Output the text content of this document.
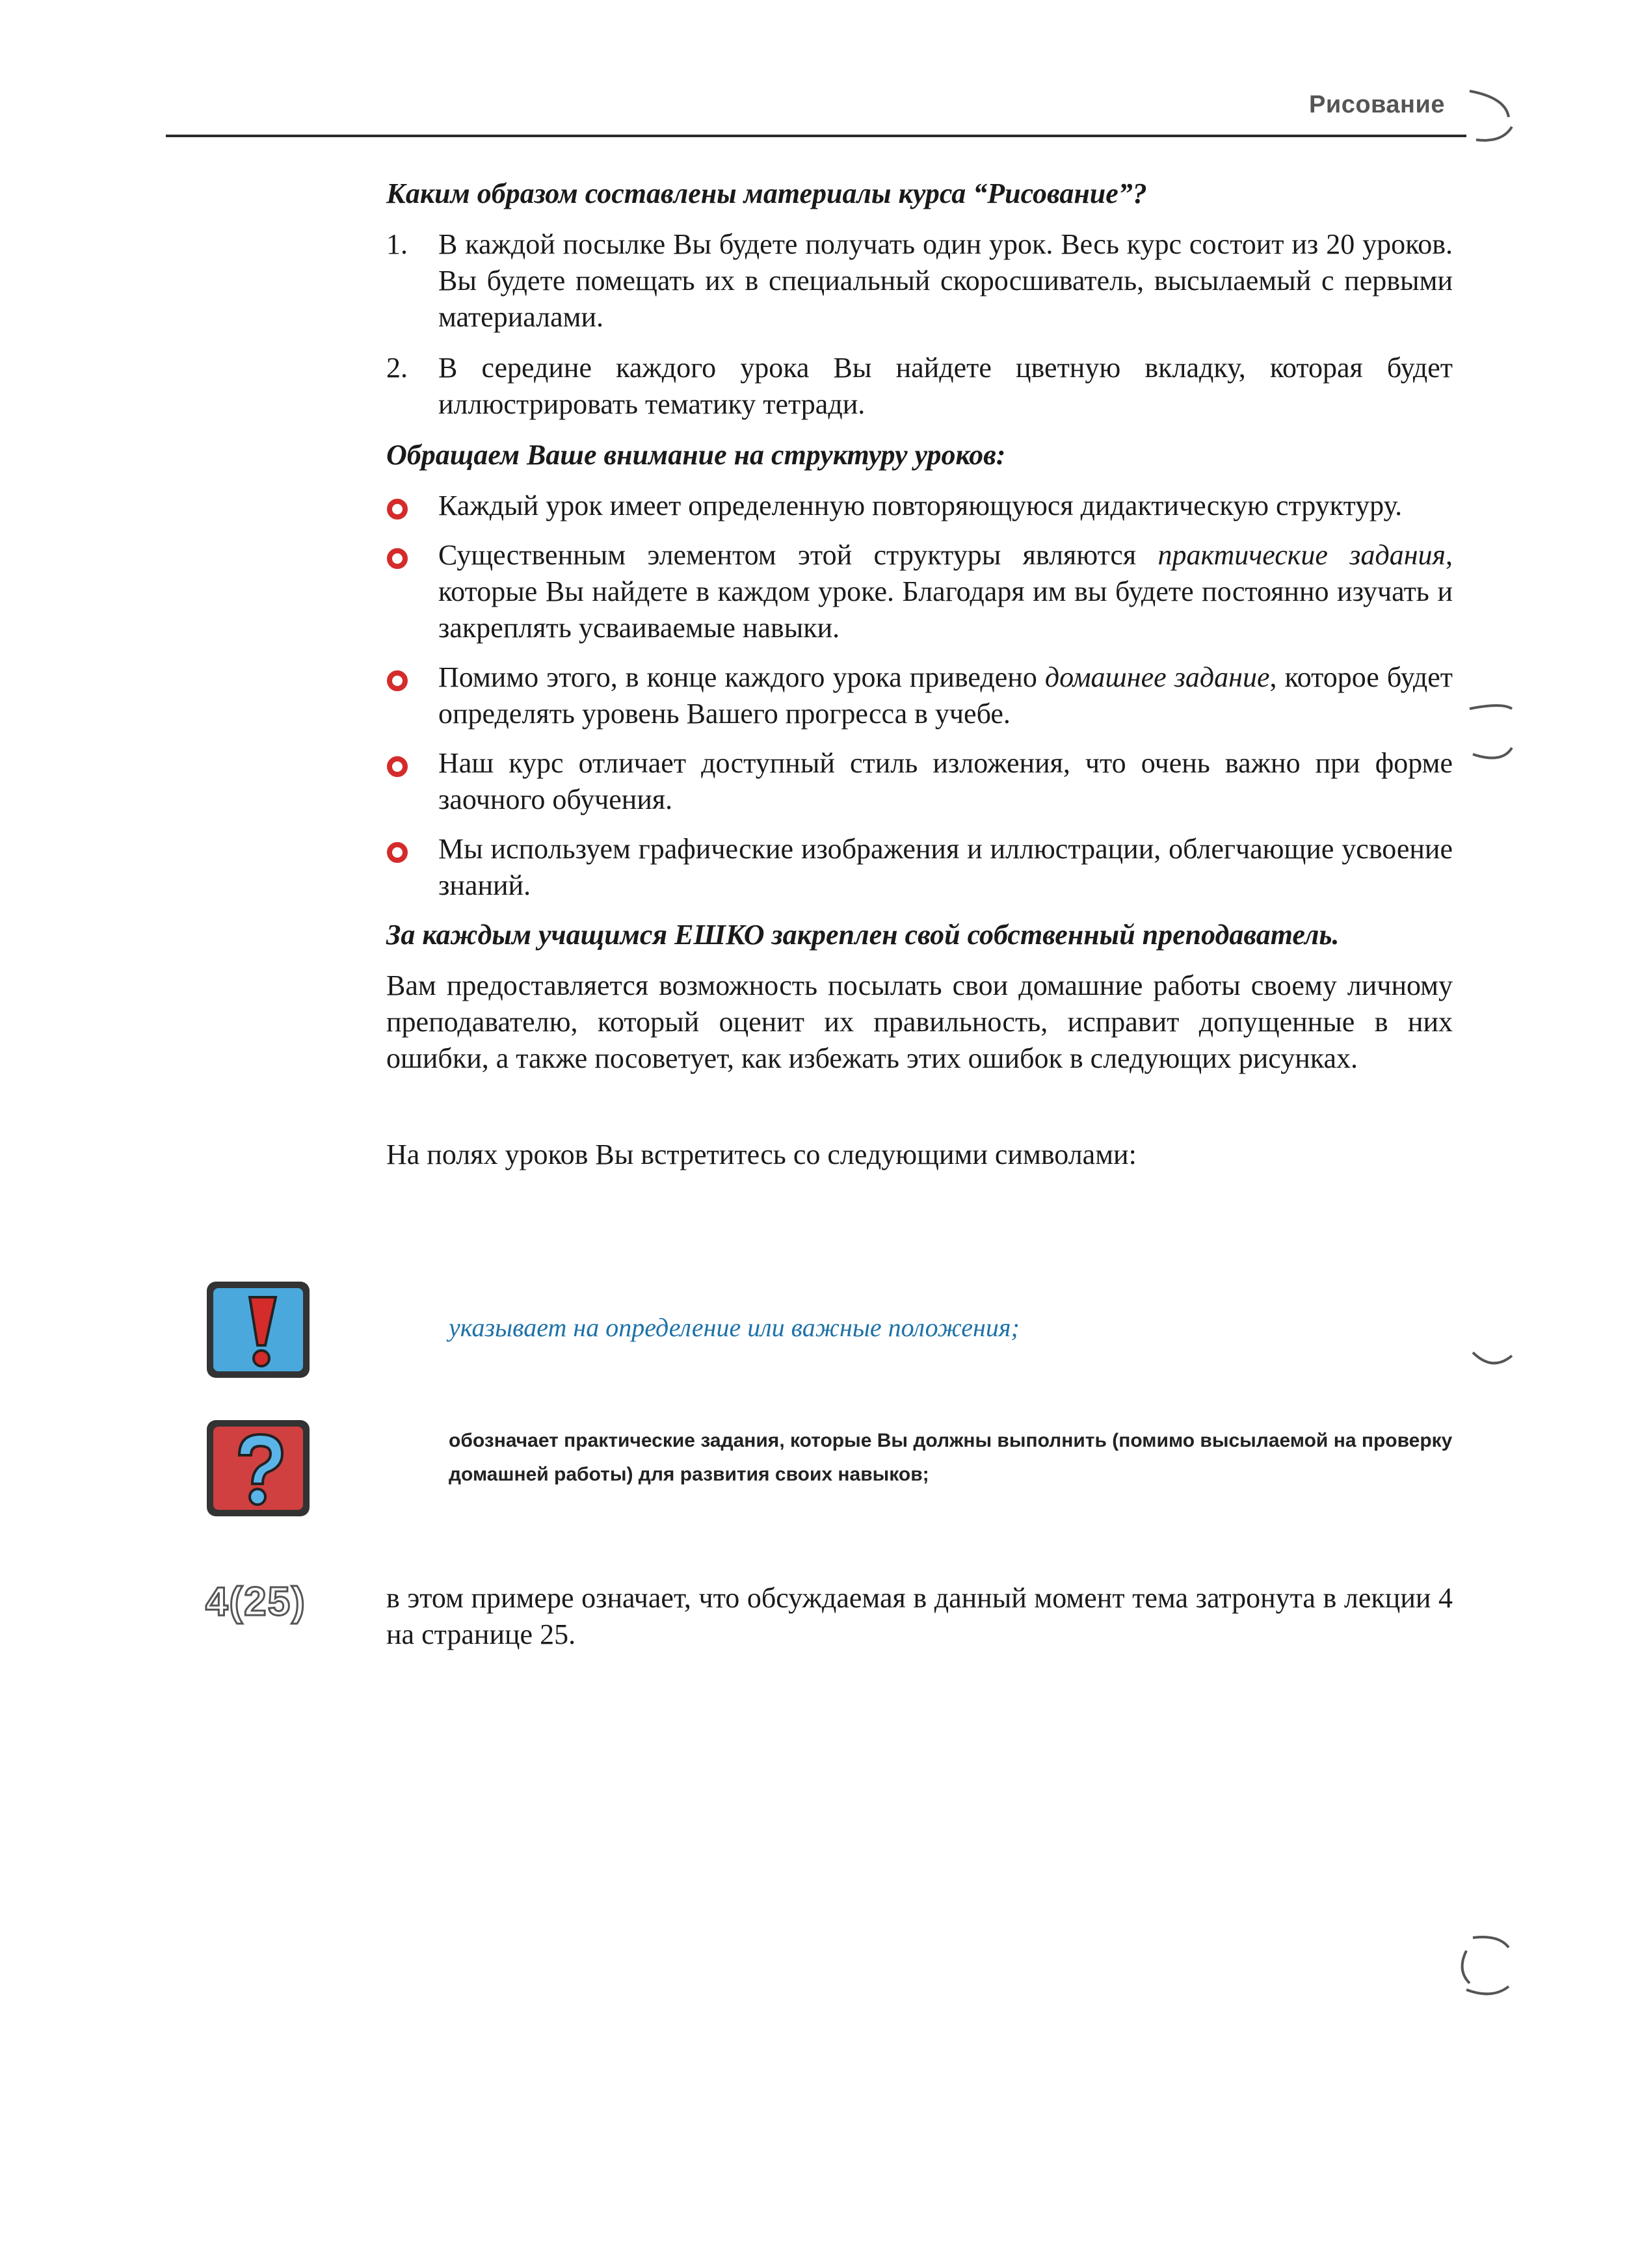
Рисование
Каким образом составлены материалы курса “Рисование”?
1. В каждой посылке Вы будете получать один урок. Весь курс состоит из 20 уроков. Вы будете помещать их в специальный скоросшиватель, высылаемый с первыми материалами.
2. В середине каждого урока Вы найдете цветную вкладку, которая будет иллюстрировать тематику тетради.
Обращаем Ваше внимание на структуру уроков:
Каждый урок имеет определенную повторяющуюся дидактическую структуру.
Существенным элементом этой структуры являются практические задания, которые Вы найдете в каждом уроке. Благодаря им вы будете постоянно изучать и закреплять усваиваемые навыки.
Помимо этого, в конце каждого урока приведено домашнее задание, которое будет определять уровень Вашего прогресса в учебе.
Наш курс отличает доступный стиль изложения, что очень важно при форме заочного обучения.
Мы используем графические изображения и иллюстрации, облегчающие усвоение знаний.
За каждым учащимся ЕШКО закреплен свой собственный преподаватель.

Вам предоставляется возможность посылать свои домашние работы своему личному преподавателю, который оценит их правильность, исправит допущенные в них ошибки, а также посоветует, как избежать этих ошибок в следующих рисунках.

На полях уроков Вы встретитесь со следующими символами:

указывает на определение или важные положения;
обозначает практические задания, которые Вы должны выполнить (помимо высылаемой на проверку домашней работы) для развития своих навыков;
4(25)	в этом примере означает, что обсуждаемая в данный момент тема затронута в лекции 4 на странице 25.
